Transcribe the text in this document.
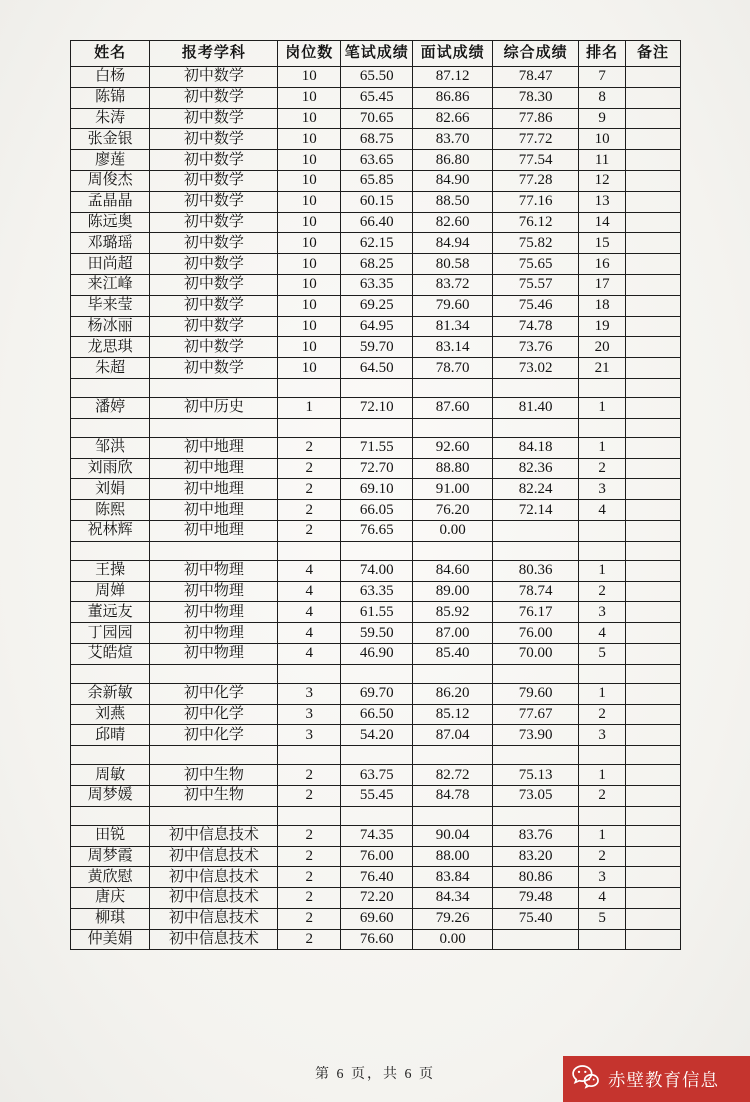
姓名	报考学科	岗位数	笔试成绩	面试成绩	综合成绩	排名	备注
白杨	初中数学	10	65.50	87.12	78.47	7	
陈锦	初中数学	10	65.45	86.86	78.30	8	
朱涛	初中数学	10	70.65	82.66	77.86	9	
张金银	初中数学	10	68.75	83.70	77.72	10	
廖莲	初中数学	10	63.65	86.80	77.54	11	
周俊杰	初中数学	10	65.85	84.90	77.28	12	
孟晶晶	初中数学	10	60.15	88.50	77.16	13	
陈远奥	初中数学	10	66.40	82.60	76.12	14	
邓璐瑶	初中数学	10	62.15	84.94	75.82	15	
田尚超	初中数学	10	68.25	80.58	75.65	16	
来江峰	初中数学	10	63.35	83.72	75.57	17	
毕来莹	初中数学	10	69.25	79.60	75.46	18	
杨冰丽	初中数学	10	64.95	81.34	74.78	19	
龙思琪	初中数学	10	59.70	83.14	73.76	20	
朱超	初中数学	10	64.50	78.70	73.02	21	

潘婷	初中历史	1	72.10	87.60	81.40	1	

邹洪	初中地理	2	71.55	92.60	84.18	1	
刘雨欣	初中地理	2	72.70	88.80	82.36	2	
刘娟	初中地理	2	69.10	91.00	82.24	3	
陈熙	初中地理	2	66.05	76.20	72.14	4	
祝林辉	初中地理	2	76.65	0.00			

王操	初中物理	4	74.00	84.60	80.36	1	
周婵	初中物理	4	63.35	89.00	78.74	2	
董远友	初中物理	4	61.55	85.92	76.17	3	
丁园园	初中物理	4	59.50	87.00	76.00	4	
艾皓煊	初中物理	4	46.90	85.40	70.00	5	

余新敏	初中化学	3	69.70	86.20	79.60	1	
刘燕	初中化学	3	66.50	85.12	77.67	2	
邱晴	初中化学	3	54.20	87.04	73.90	3	

周敏	初中生物	2	63.75	82.72	75.13	1	
周梦媛	初中生物	2	55.45	84.78	73.05	2	

田锐	初中信息技术	2	74.35	90.04	83.76	1	
周梦霞	初中信息技术	2	76.00	88.00	83.20	2	
黄欣慰	初中信息技术	2	76.40	83.84	80.86	3	
唐庆	初中信息技术	2	72.20	84.34	79.48	4	
柳琪	初中信息技术	2	69.60	79.26	75.40	5	
仲美娟	初中信息技术	2	76.60	0.00			
第 6 页，共 6 页	赤壁教育信息
